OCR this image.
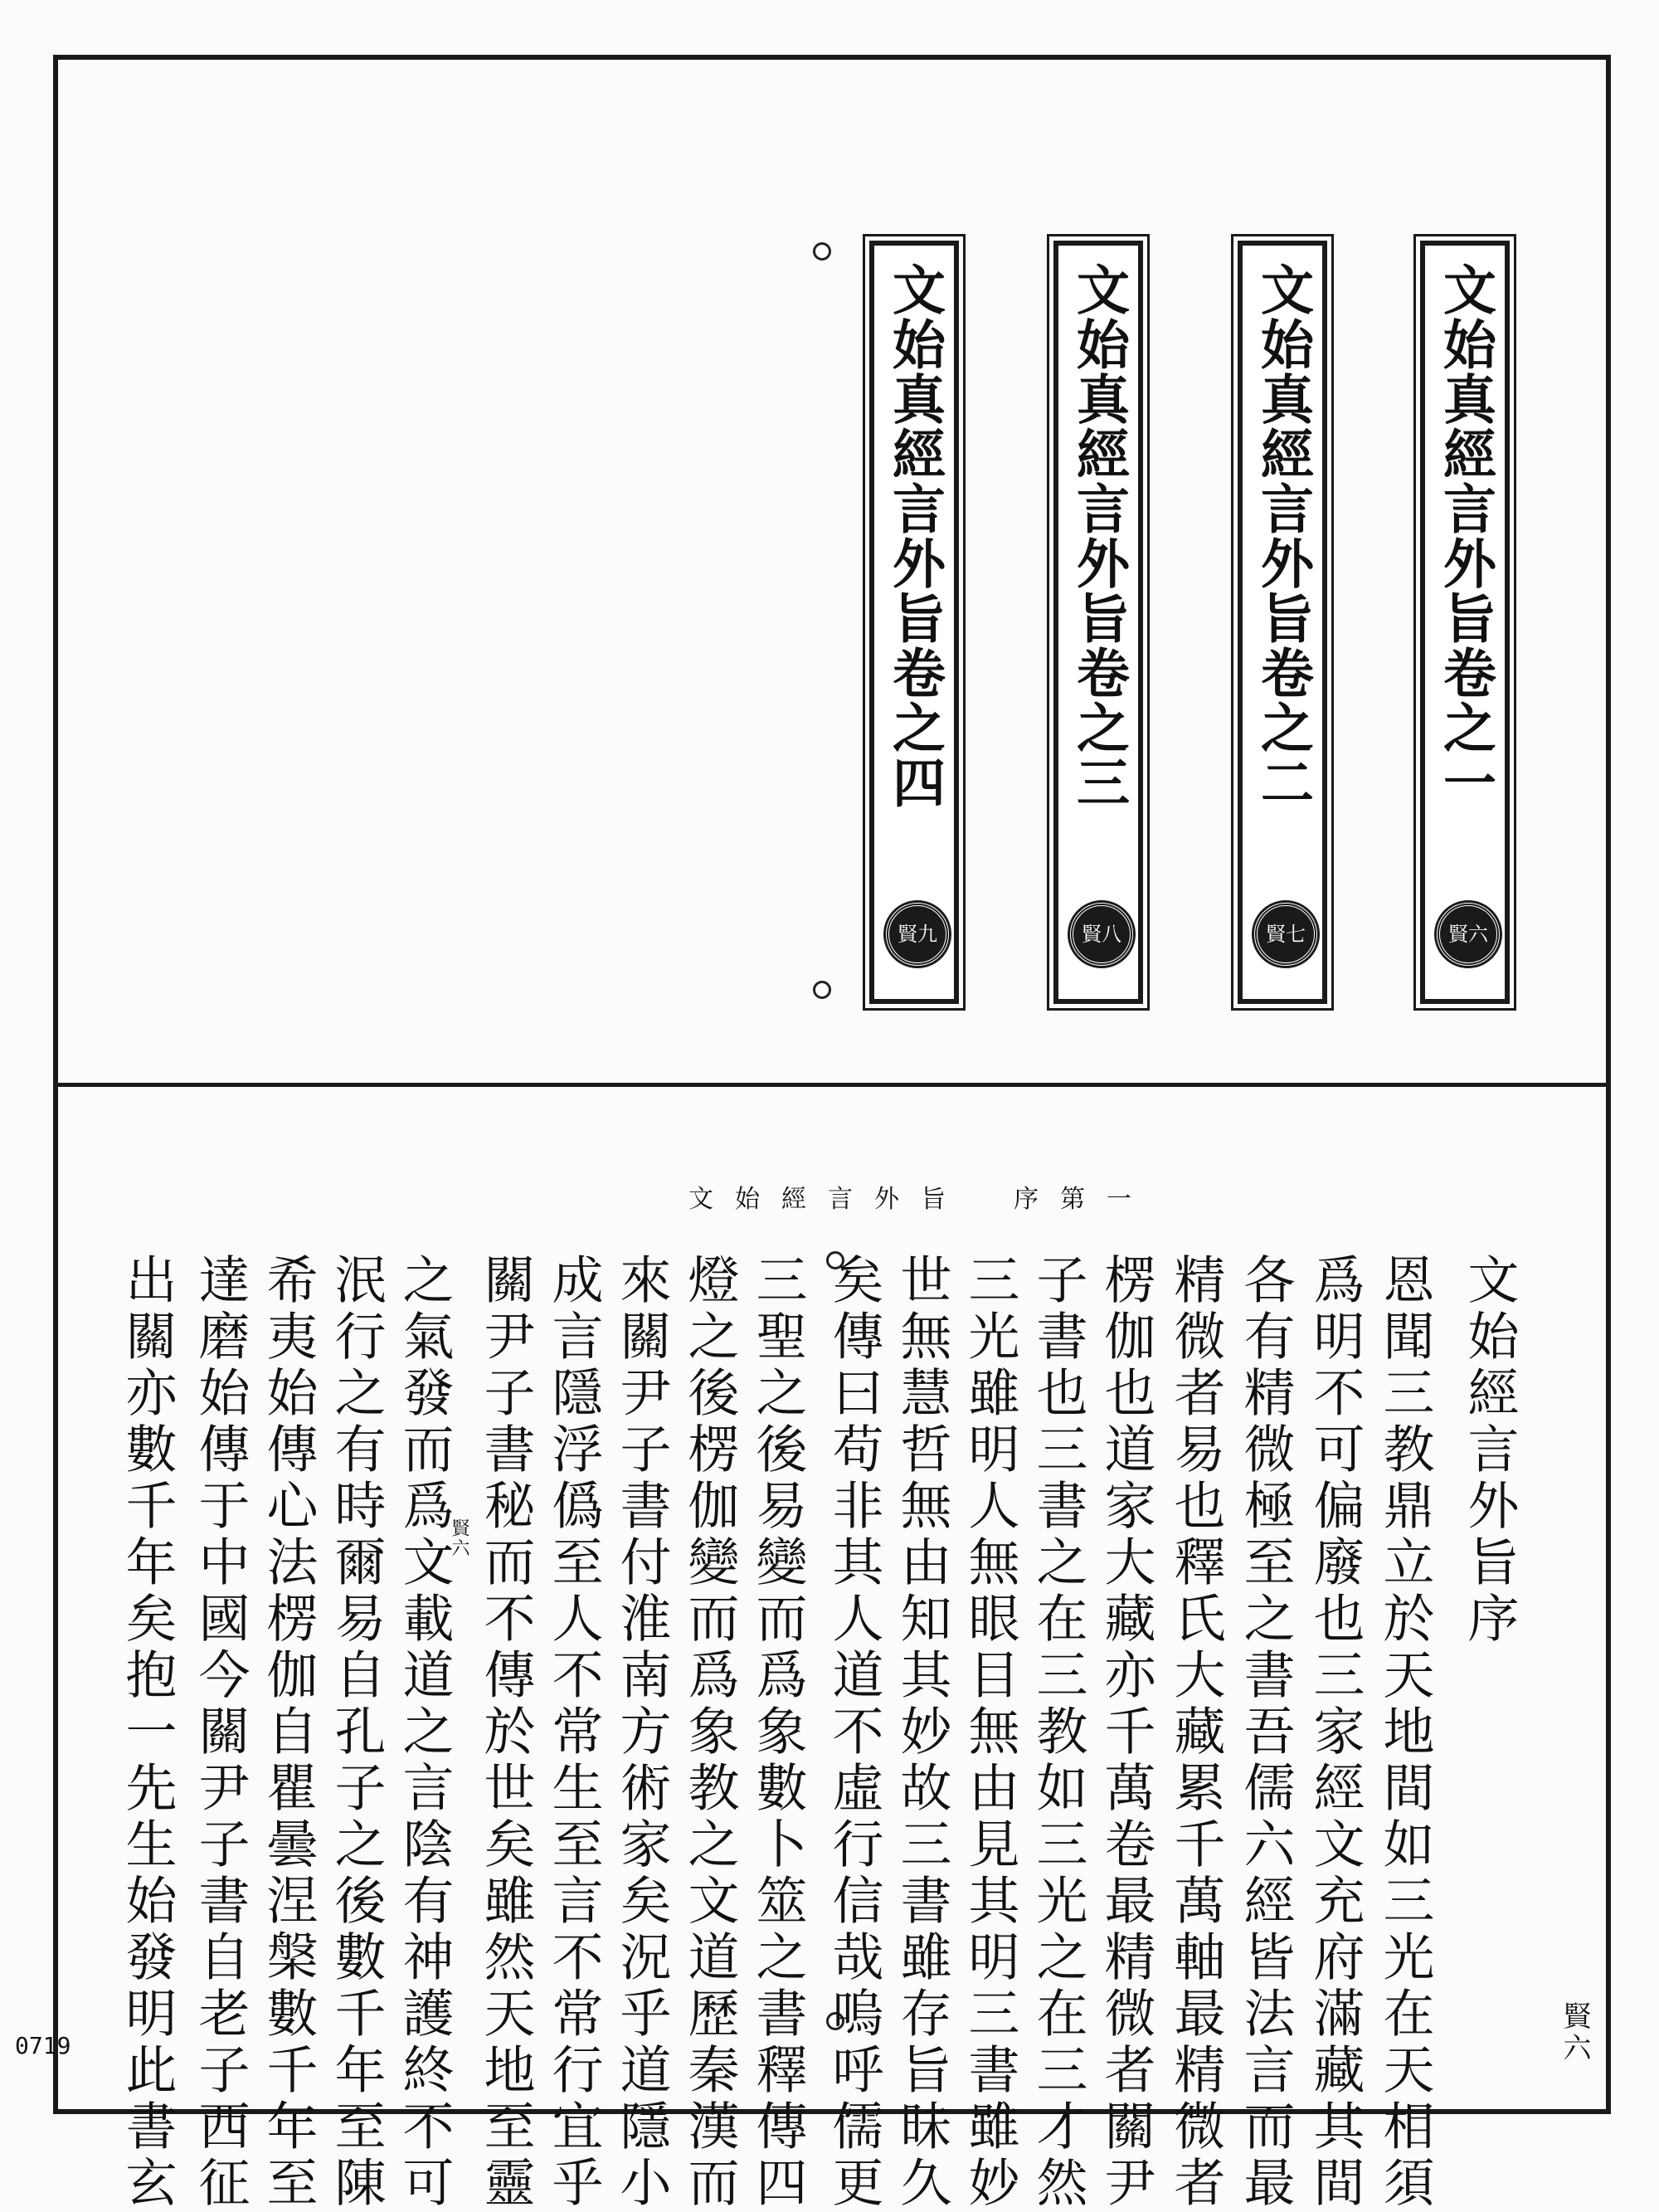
文始真經言外旨卷之一
賢六
文始真經言外旨卷之二
賢七
文始真經言外旨卷之三
賢八
文始真經言外旨卷之四
賢九
文始經言外旨　序第一
賢六
賢六	文始經言外旨序
恩聞三教鼎立於天地間如三光在天相須
爲明不可偏廢也三家經文充府滿藏其間
各有精微極至之書吾儒六經皆法言而最
精微者易也釋氏大藏累千萬軸最精微者
楞伽也道家大藏亦千萬卷最精微者關尹
子書也三書之在三教如三光之在三才然
三光雖明人無眼目無由見其明三書雖妙
世無慧哲無由知其妙故三書雖存旨昧久
矣傳曰苟非其人道不虛行信哉嗚呼儒更
三聖之後易變而爲象數卜筮之書釋傳四
燈之後楞伽變而爲象教之文道歷秦漢而
來關尹子書付淮南方術家矣況乎道隱小
成言隱浮僞至人不常生至言不常行宜乎
關尹子書秘而不傳於世矣雖然天地至靈
之氣發而爲文載道之言陰有神護終不可
泯行之有時爾易自孔子之後數千年至陳
希夷始傳心法楞伽自瞿曇涅槃數千年至
達磨始傳于中國今關尹子書自老子西征
出關亦數千年矣抱一先生始發明此書玄
0719
